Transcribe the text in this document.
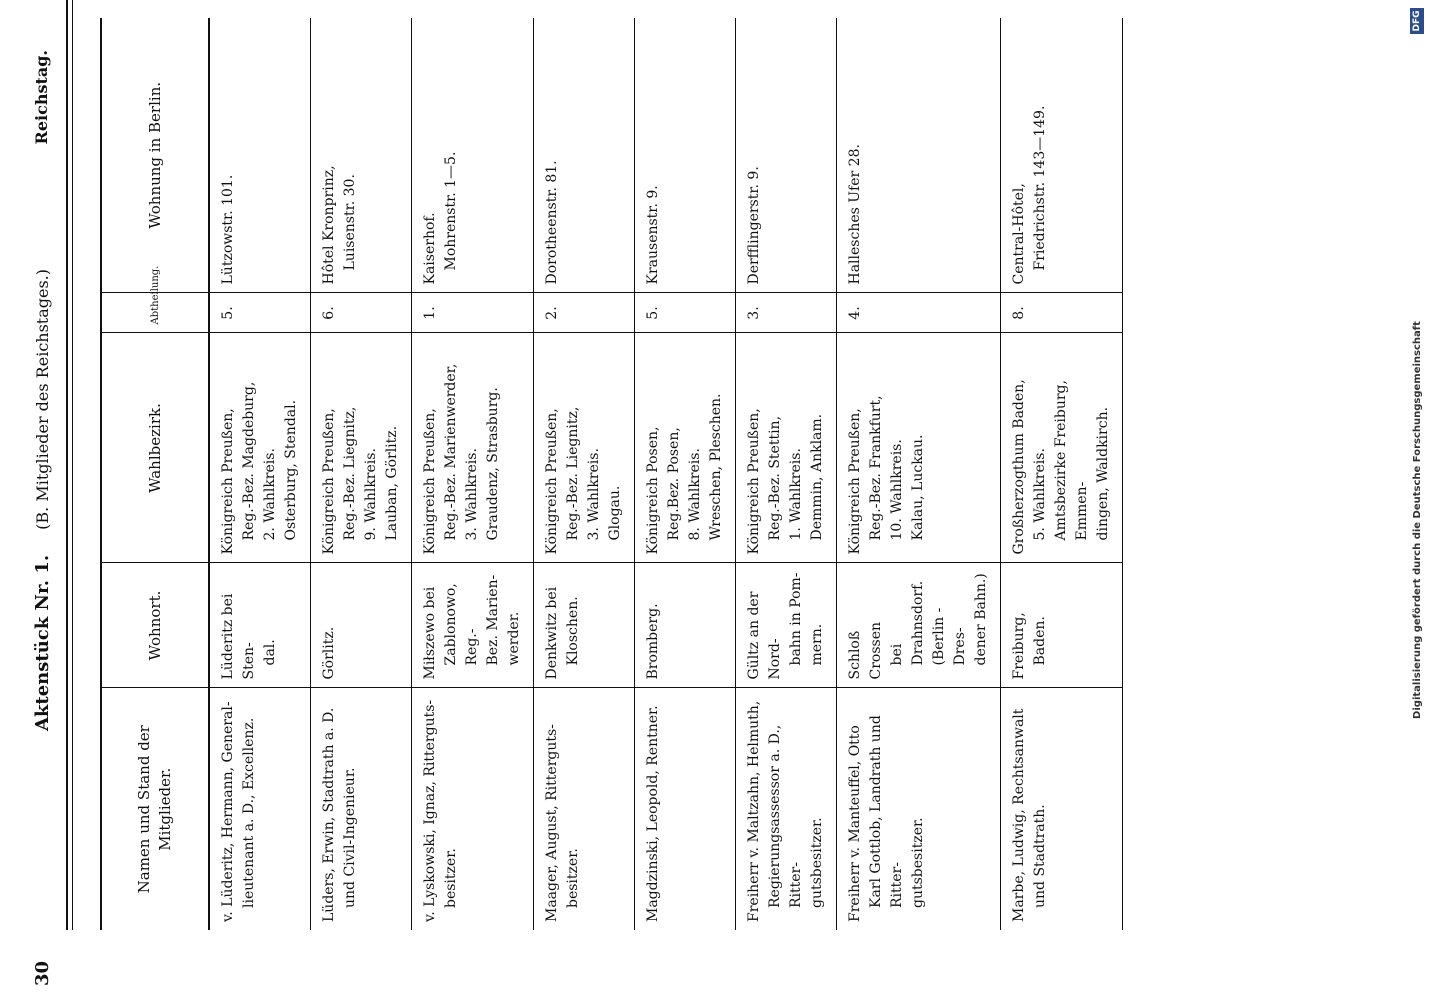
30
Aktenstück Nr. 1.    (B. Mitglieder des Reichstages.)
Reichstag.
Namen und Stand der Mitglieder.	Wohnort.	Wahlbezirk.	Abtheilung.	Wohnung in Berlin.

v. Lüderitz, Hermann, General- lieutenant a. D., Excellenz.	Lüderitz bei Sten- dal.	Königreich Preußen, Reg.-Bez. Magdeburg, 2. Wahlkreis. Osterburg, Stendal.	5.	Lützowstr. 101.

Lüders, Erwin, Stadtrath a. D. und Civil-Ingenieur.	Görlitz.	Königreich Preußen, Reg.-Bez. Liegnitz, 9. Wahlkreis. Lauban, Görlitz.	6.	Hôtel Kronprinz, Luisenstr. 30.

v. Lyskowski, Ignaz, Ritterguts- besitzer.	Miłszewo bei Zablonowo, Reg.- Bez. Marien- werder.	Königreich Preußen, Reg.-Bez. Marienwerder, 3. Wahlkreis. Graudenz, Strasburg.	1.	Kaiserhof. Mohrenstr. 1—5.

Maager, August, Ritterguts- besitzer.	Denkwitz bei Kloschen.	Königreich Preußen, Reg.-Bez. Liegnitz, 3. Wahlkreis. Glogau.	2.	Dorotheenstr. 81.

Magdzinski, Leopold, Rentner.	Bromberg.	Königreich Posen, Reg.Bez. Posen, 8. Wahlkreis. Wreschen, Pleschen.	5.	Krausenstr. 9.

Freiherr v. Maltzahn, Helmuth, Regierungsassessor a. D., Ritter- gutsbesitzer.	Gültz an der Nord- bahn in Pom- mern.	Königreich Preußen, Reg.-Bez. Stettin, 1. Wahlkreis. Demmin, Anklam.	3.	Derfflingerstr. 9.

Freiherr v. Manteuffel, Otto Karl Gottlob, Landrath und Ritter- gutsbesitzer.	Schloß Crossen bei Drahnsdorf. (Berlin - Dres- dener Bahn.)	Königreich Preußen, Reg.-Bez. Frankfurt, 10. Wahlkreis. Kalau, Luckau.	4.	Hallesches Ufer 28.

Marbe, Ludwig, Rechtsanwalt und Stadtrath.	Freiburg, Baden.	Großherzogthum Baden, 5. Wahlkreis. Amtsbezirke Freiburg, Emmen- dingen, Waldkirch.	8.	Central-Hôtel, Friedrichstr. 143—149.
Digitalisierung gefördert durch die Deutsche Forschungsgemeinschaft
DFG
